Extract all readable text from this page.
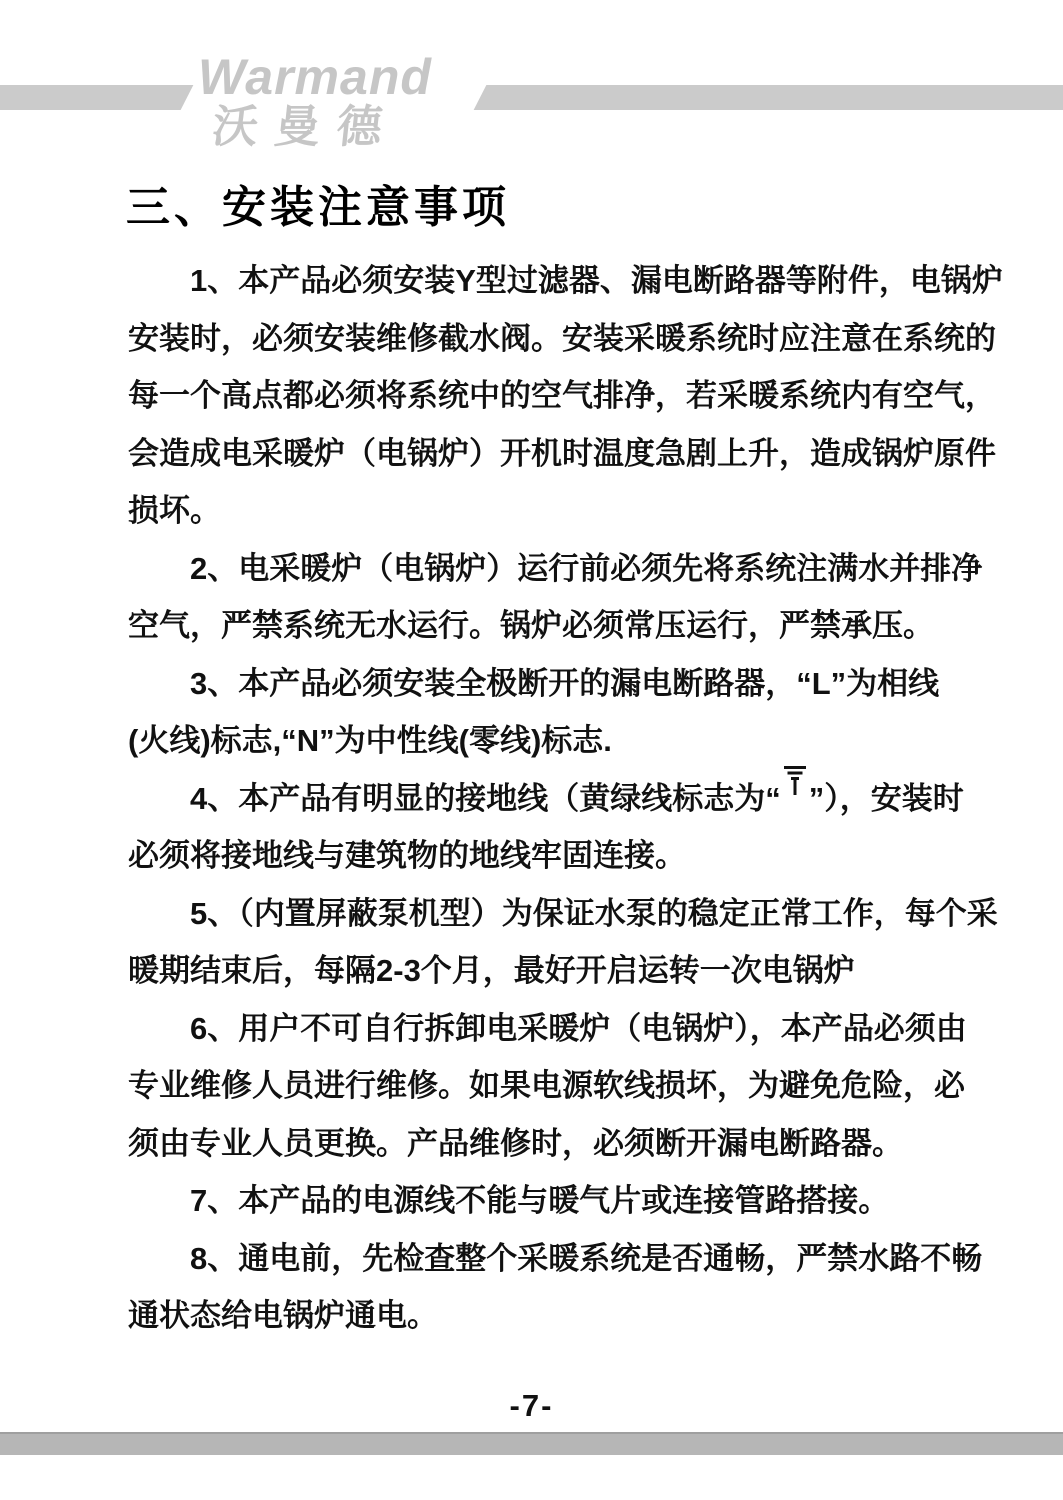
Warmand
沃曼德
三、安装注意事项
1、本产品必须安装Y型过滤器、漏电断路器等附件，电锅炉
安装时，必须安装维修截水阀。安装采暖系统时应注意在系统的
每一个高点都必须将系统中的空气排净，若采暖系统内有空气，
会造成电采暖炉（电锅炉）开机时温度急剧上升，造成锅炉原件
损坏。
2、电采暖炉（电锅炉）运行前必须先将系统注满水并排净
空气，严禁系统无水运行。锅炉必须常压运行，严禁承压。
3、本产品必须安装全极断开的漏电断路器，“L”为相线
(火线)标志,“N”为中性线(零线)标志.
4、本产品有明显的接地线（黄绿线标志为“ ”），安装时
必须将接地线与建筑物的地线牢固连接。
5、（内置屏蔽泵机型）为保证水泵的稳定正常工作，每个采
暖期结束后，每隔2-3个月，最好开启运转一次电锅炉
6、用户不可自行拆卸电采暖炉（电锅炉），本产品必须由
专业维修人员进行维修。如果电源软线损坏，为避免危险，必
须由专业人员更换。产品维修时，必须断开漏电断路器。
7、本产品的电源线不能与暖气片或连接管路搭接。
8、通电前，先检查整个采暖系统是否通畅，严禁水路不畅
通状态给电锅炉通电。
-7-
